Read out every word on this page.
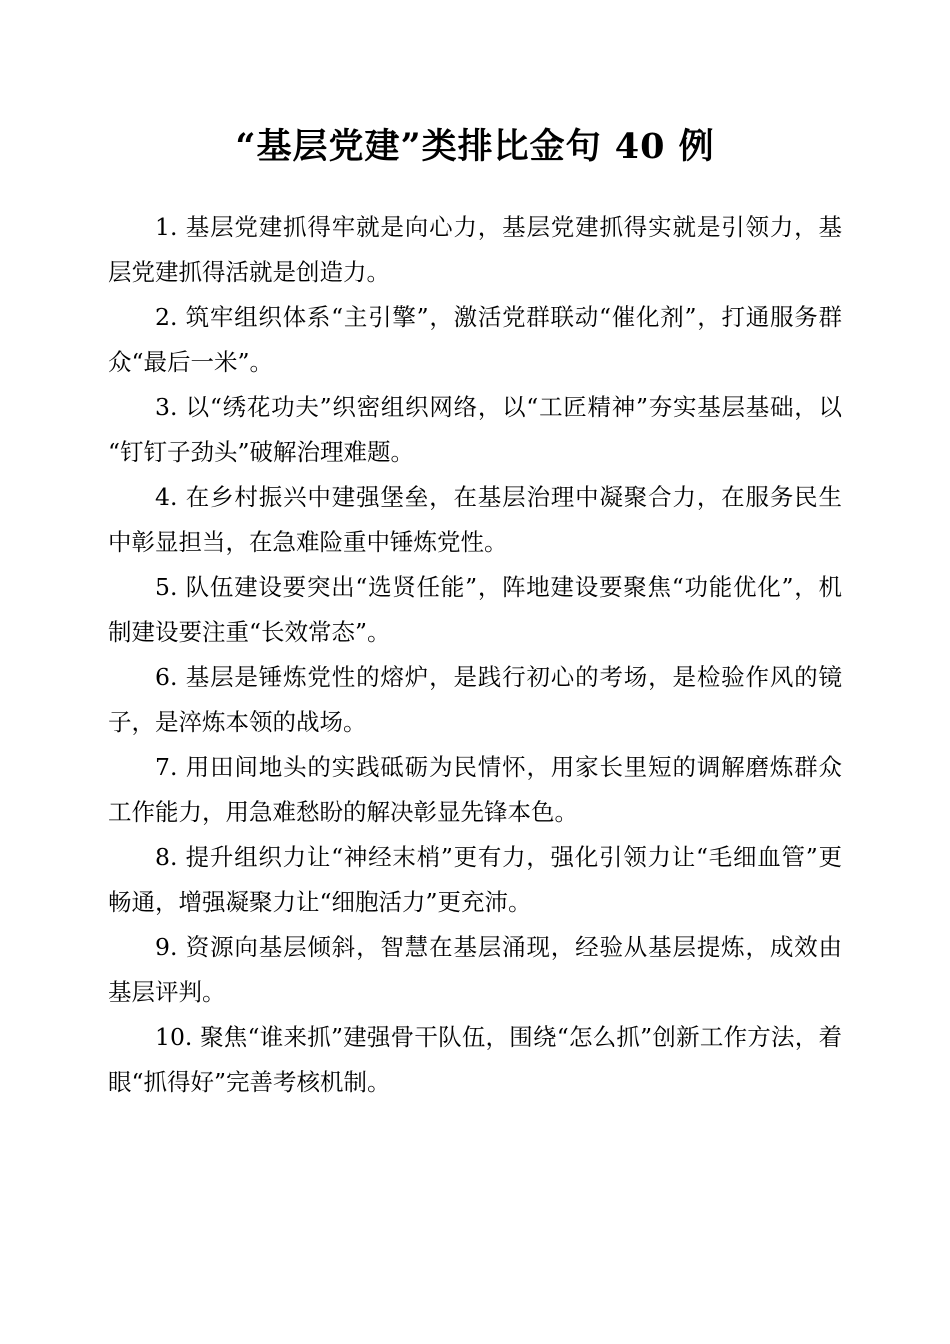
“基层党建”类排比金句 40 例

1. 基层党建抓得牢就是向心力，基层党建抓得实就是引领力，基层党建抓得活就是创造力。

2. 筑牢组织体系“主引擎”，激活党群联动“催化剂”，打通服务群众“最后一米”。

3. 以“绣花功夫”织密组织网络，以“工匠精神”夯实基层基础，以“钉钉子劲头”破解治理难题。

4. 在乡村振兴中建强堡垒，在基层治理中凝聚合力，在服务民生中彰显担当，在急难险重中锤炼党性。

5. 队伍建设要突出“选贤任能”，阵地建设要聚焦“功能优化”，机制建设要注重“长效常态”。

6. 基层是锤炼党性的熔炉，是践行初心的考场，是检验作风的镜子，是淬炼本领的战场。

7. 用田间地头的实践砥砺为民情怀，用家长里短的调解磨炼群众工作能力，用急难愁盼的解决彰显先锋本色。

8. 提升组织力让“神经末梢”更有力，强化引领力让“毛细血管”更畅通，增强凝聚力让“细胞活力”更充沛。

9. 资源向基层倾斜，智慧在基层涌现，经验从基层提炼，成效由基层评判。

10. 聚焦“谁来抓”建强骨干队伍，围绕“怎么抓”创新工作方法，着眼“抓得好”完善考核机制。
